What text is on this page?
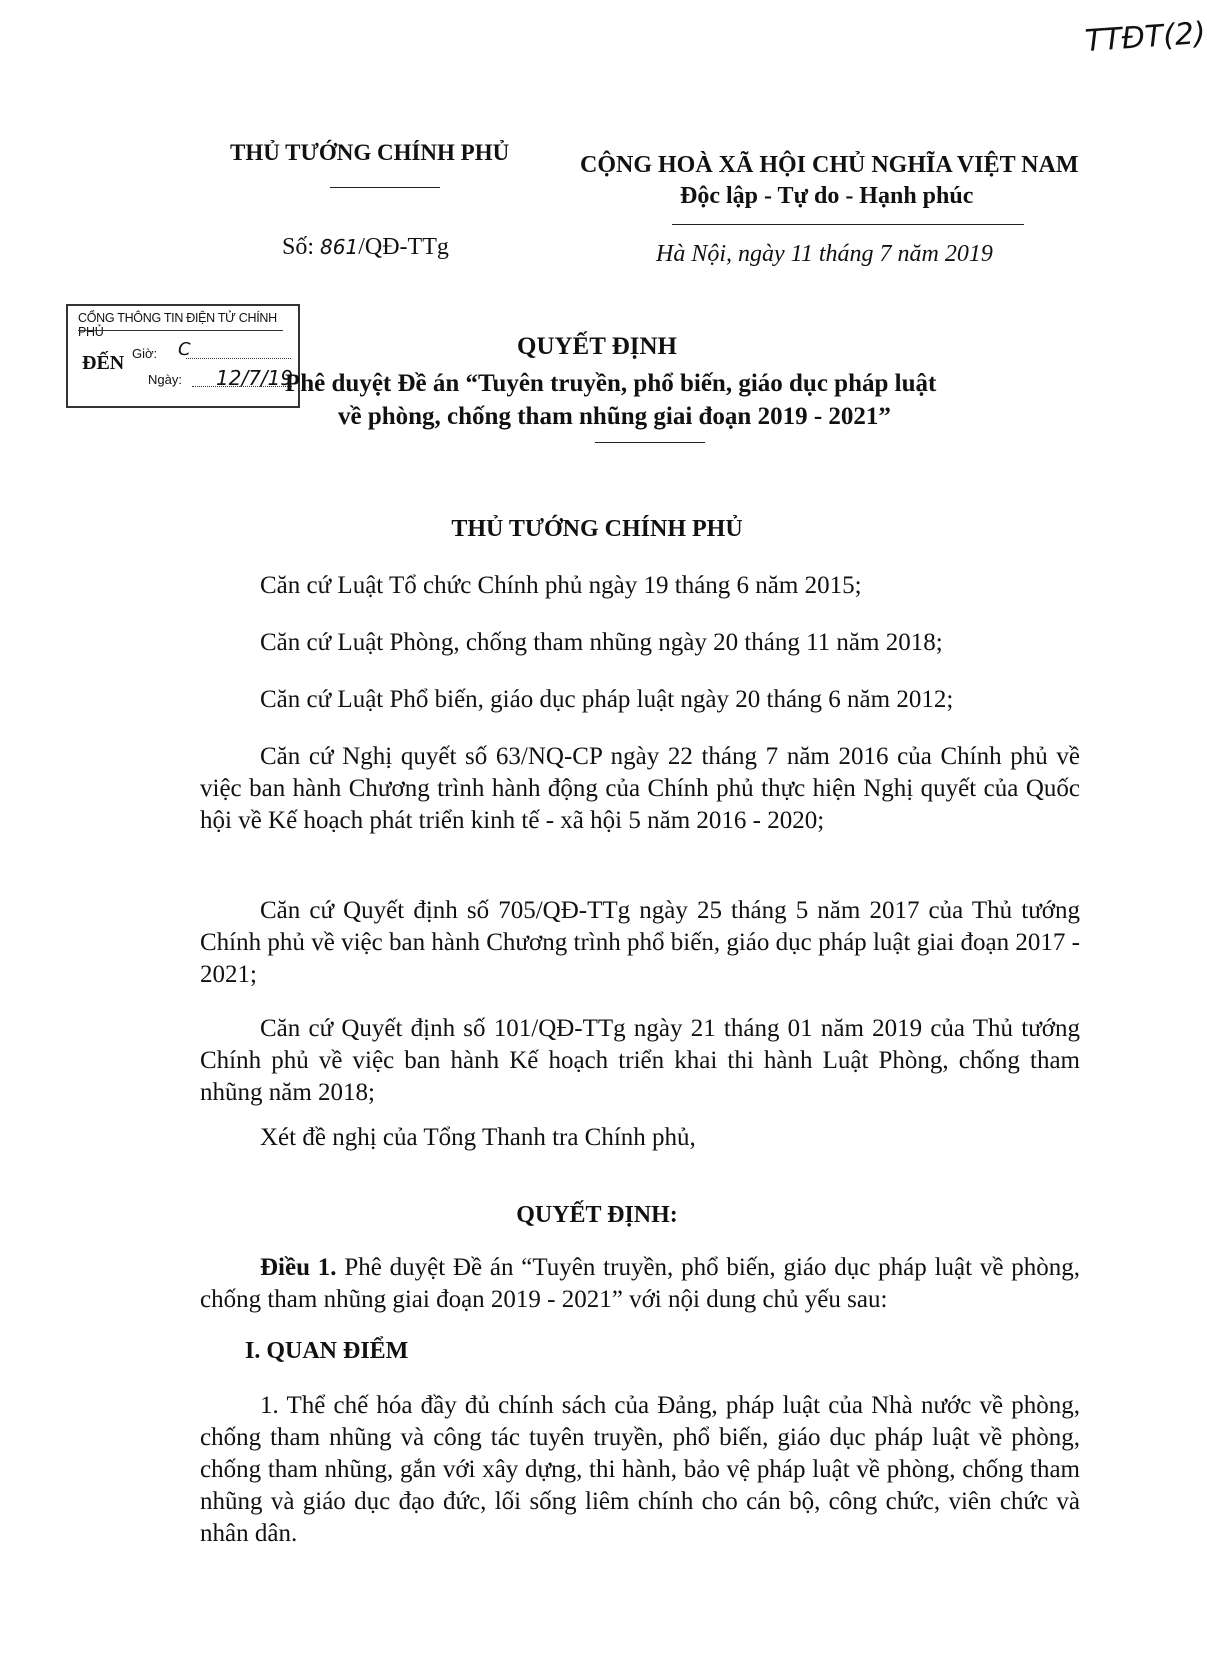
TTĐT(2)
THỦ TƯỚNG CHÍNH PHỦ	CỘNG HOÀ XÃ HỘI CHỦ NGHĨA VIỆT NAM
Độc lập - Tự do - Hạnh phúc
Số: 861/QĐ-TTg	Hà Nội, ngày 11 tháng 7 năm 2019
CỔNG THÔNG TIN ĐIỆN TỬ CHÍNH PHỦ
ĐẾN Giờ: C
Ngày: 12/7/19
QUYẾT ĐỊNH
Phê duyệt Đề án “Tuyên truyền, phổ biến, giáo dục pháp luật
về phòng, chống tham nhũng giai đoạn 2019 - 2021”
THỦ TƯỚNG CHÍNH PHỦ
Căn cứ Luật Tổ chức Chính phủ ngày 19 tháng 6 năm 2015;
Căn cứ Luật Phòng, chống tham nhũng ngày 20 tháng 11 năm 2018;
Căn cứ Luật Phổ biến, giáo dục pháp luật ngày 20 tháng 6 năm 2012;
Căn cứ Nghị quyết số 63/NQ-CP ngày 22 tháng 7 năm 2016 của Chính phủ về việc ban hành Chương trình hành động của Chính phủ thực hiện Nghị quyết của Quốc hội về Kế hoạch phát triển kinh tế - xã hội 5 năm 2016 - 2020;
Căn cứ Quyết định số 705/QĐ-TTg ngày 25 tháng 5 năm 2017 của Thủ tướng Chính phủ về việc ban hành Chương trình phổ biến, giáo dục pháp luật giai đoạn 2017 - 2021;
Căn cứ Quyết định số 101/QĐ-TTg ngày 21 tháng 01 năm 2019 của Thủ tướng Chính phủ về việc ban hành Kế hoạch triển khai thi hành Luật Phòng, chống tham nhũng năm 2018;
Xét đề nghị của Tổng Thanh tra Chính phủ,
QUYẾT ĐỊNH:
Điều 1. Phê duyệt Đề án “Tuyên truyền, phổ biến, giáo dục pháp luật về phòng, chống tham nhũng giai đoạn 2019 - 2021” với nội dung chủ yếu sau:
I. QUAN ĐIỂM
1. Thể chế hóa đầy đủ chính sách của Đảng, pháp luật của Nhà nước về phòng, chống tham nhũng và công tác tuyên truyền, phổ biến, giáo dục pháp luật về phòng, chống tham nhũng, gắn với xây dựng, thi hành, bảo vệ pháp luật về phòng, chống tham nhũng và giáo dục đạo đức, lối sống liêm chính cho cán bộ, công chức, viên chức và nhân dân.
